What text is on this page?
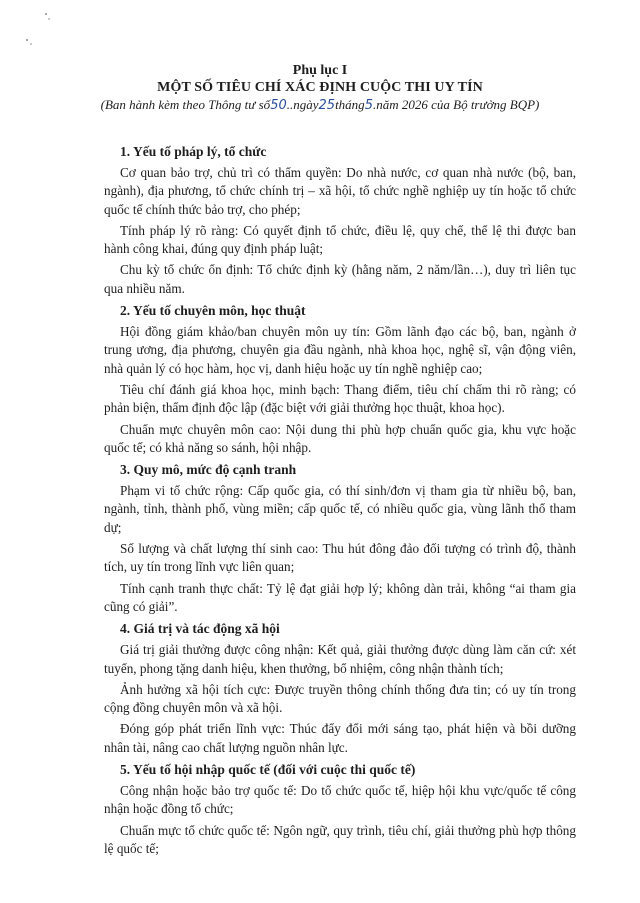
Phụ lục I
MỘT SỐ TIÊU CHÍ XÁC ĐỊNH CUỘC THI UY TÍN
(Ban hành kèm theo Thông tư số50..ngày25tháng5.năm 2026 của Bộ trưởng BQP)
1. Yếu tố pháp lý, tổ chức

Cơ quan bảo trợ, chủ trì có thẩm quyền: Do nhà nước, cơ quan nhà nước (bộ, ban, ngành), địa phương, tổ chức chính trị – xã hội, tổ chức nghề nghiệp uy tín hoặc tổ chức quốc tế chính thức bảo trợ, cho phép;

Tính pháp lý rõ ràng: Có quyết định tổ chức, điều lệ, quy chế, thể lệ thi được ban hành công khai, đúng quy định pháp luật;

Chu kỳ tổ chức ổn định: Tổ chức định kỳ (hằng năm, 2 năm/lần…), duy trì liên tục qua nhiều năm.

2. Yếu tố chuyên môn, học thuật

Hội đồng giám khảo/ban chuyên môn uy tín: Gồm lãnh đạo các bộ, ban, ngành ở trung ương, địa phương, chuyên gia đầu ngành, nhà khoa học, nghệ sĩ, vận động viên, nhà quản lý có học hàm, học vị, danh hiệu hoặc uy tín nghề nghiệp cao;

Tiêu chí đánh giá khoa học, minh bạch: Thang điểm, tiêu chí chấm thi rõ ràng; có phản biện, thẩm định độc lập (đặc biệt với giải thưởng học thuật, khoa học).

Chuẩn mực chuyên môn cao: Nội dung thi phù hợp chuẩn quốc gia, khu vực hoặc quốc tế; có khả năng so sánh, hội nhập.

3. Quy mô, mức độ cạnh tranh

Phạm vi tổ chức rộng: Cấp quốc gia, có thí sinh/đơn vị tham gia từ nhiều bộ, ban, ngành, tỉnh, thành phố, vùng miền; cấp quốc tế, có nhiều quốc gia, vùng lãnh thổ tham dự;

Số lượng và chất lượng thí sinh cao: Thu hút đông đảo đối tượng có trình độ, thành tích, uy tín trong lĩnh vực liên quan;

Tính cạnh tranh thực chất: Tỷ lệ đạt giải hợp lý; không dàn trải, không “ai tham gia cũng có giải”.

4. Giá trị và tác động xã hội

Giá trị giải thưởng được công nhận: Kết quả, giải thưởng được dùng làm căn cứ: xét tuyển, phong tặng danh hiệu, khen thưởng, bổ nhiệm, công nhận thành tích;

Ảnh hưởng xã hội tích cực: Được truyền thông chính thống đưa tin; có uy tín trong cộng đồng chuyên môn và xã hội.

Đóng góp phát triển lĩnh vực: Thúc đẩy đổi mới sáng tạo, phát hiện và bồi dưỡng nhân tài, nâng cao chất lượng nguồn nhân lực.

5. Yếu tố hội nhập quốc tế (đối với cuộc thi quốc tế)

Công nhận hoặc bảo trợ quốc tế: Do tổ chức quốc tế, hiệp hội khu vực/quốc tế công nhận hoặc đồng tổ chức;

Chuẩn mực tổ chức quốc tế: Ngôn ngữ, quy trình, tiêu chí, giải thưởng phù hợp thông lệ quốc tế;
